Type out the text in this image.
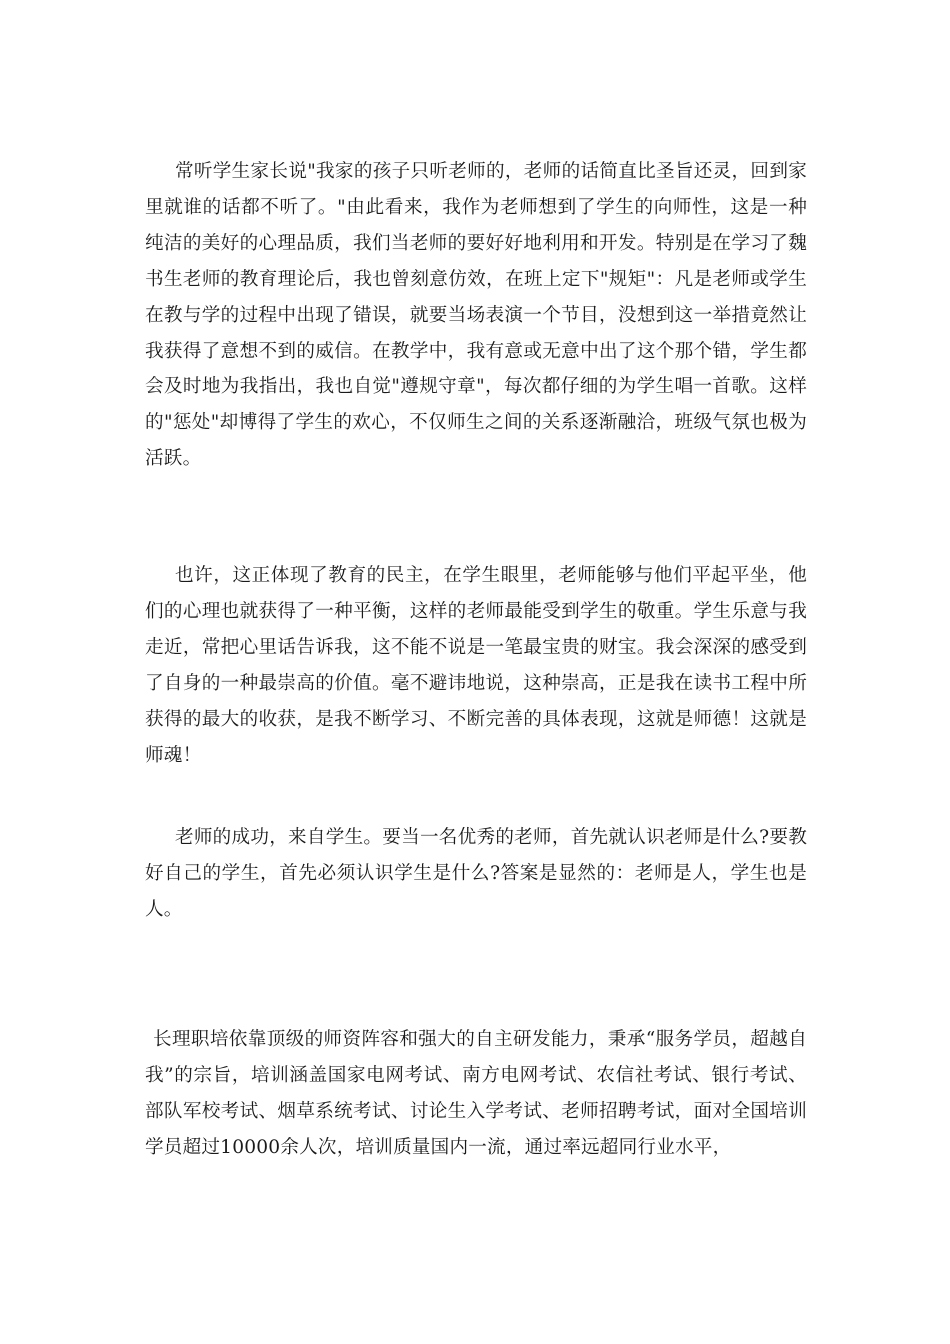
常听学生家长说"我家的孩子只听老师的，老师的话简直比圣旨还灵，回到家里就谁的话都不听了。"由此看来，我作为老师想到了学生的向师性，这是一种纯洁的美好的心理品质，我们当老师的要好好地利用和开发。特别是在学习了魏书生老师的教育理论后，我也曾刻意仿效，在班上定下"规矩"：凡是老师或学生在教与学的过程中出现了错误，就要当场表演一个节目，没想到这一举措竟然让我获得了意想不到的威信。在教学中，我有意或无意中出了这个那个错，学生都会及时地为我指出，我也自觉"遵规守章"，每次都仔细的为学生唱一首歌。这样的"惩处"却博得了学生的欢心，不仅师生之间的关系逐渐融洽，班级气氛也极为活跃。

也许，这正体现了教育的民主，在学生眼里，老师能够与他们平起平坐，他们的心理也就获得了一种平衡，这样的老师最能受到学生的敬重。学生乐意与我走近，常把心里话告诉我，这不能不说是一笔最宝贵的财宝。我会深深的感受到了自身的一种最崇高的价值。毫不避讳地说，这种崇高，正是我在读书工程中所获得的最大的收获，是我不断学习、不断完善的具体表现，这就是师德！这就是师魂！

老师的成功，来自学生。要当一名优秀的老师，首先就认识老师是什么?要教好自己的学生，首先必须认识学生是什么?答案是显然的：老师是人，学生也是人。

长理职培依靠顶级的师资阵容和强大的自主研发能力，秉承“服务学员，超越自我”的宗旨，培训涵盖国家电网考试、南方电网考试、农信社考试、银行考试、部队军校考试、烟草系统考试、讨论生入学考试、老师招聘考试，面对全国培训学员超过10000余人次，培训质量国内一流，通过率远超同行业水平，
